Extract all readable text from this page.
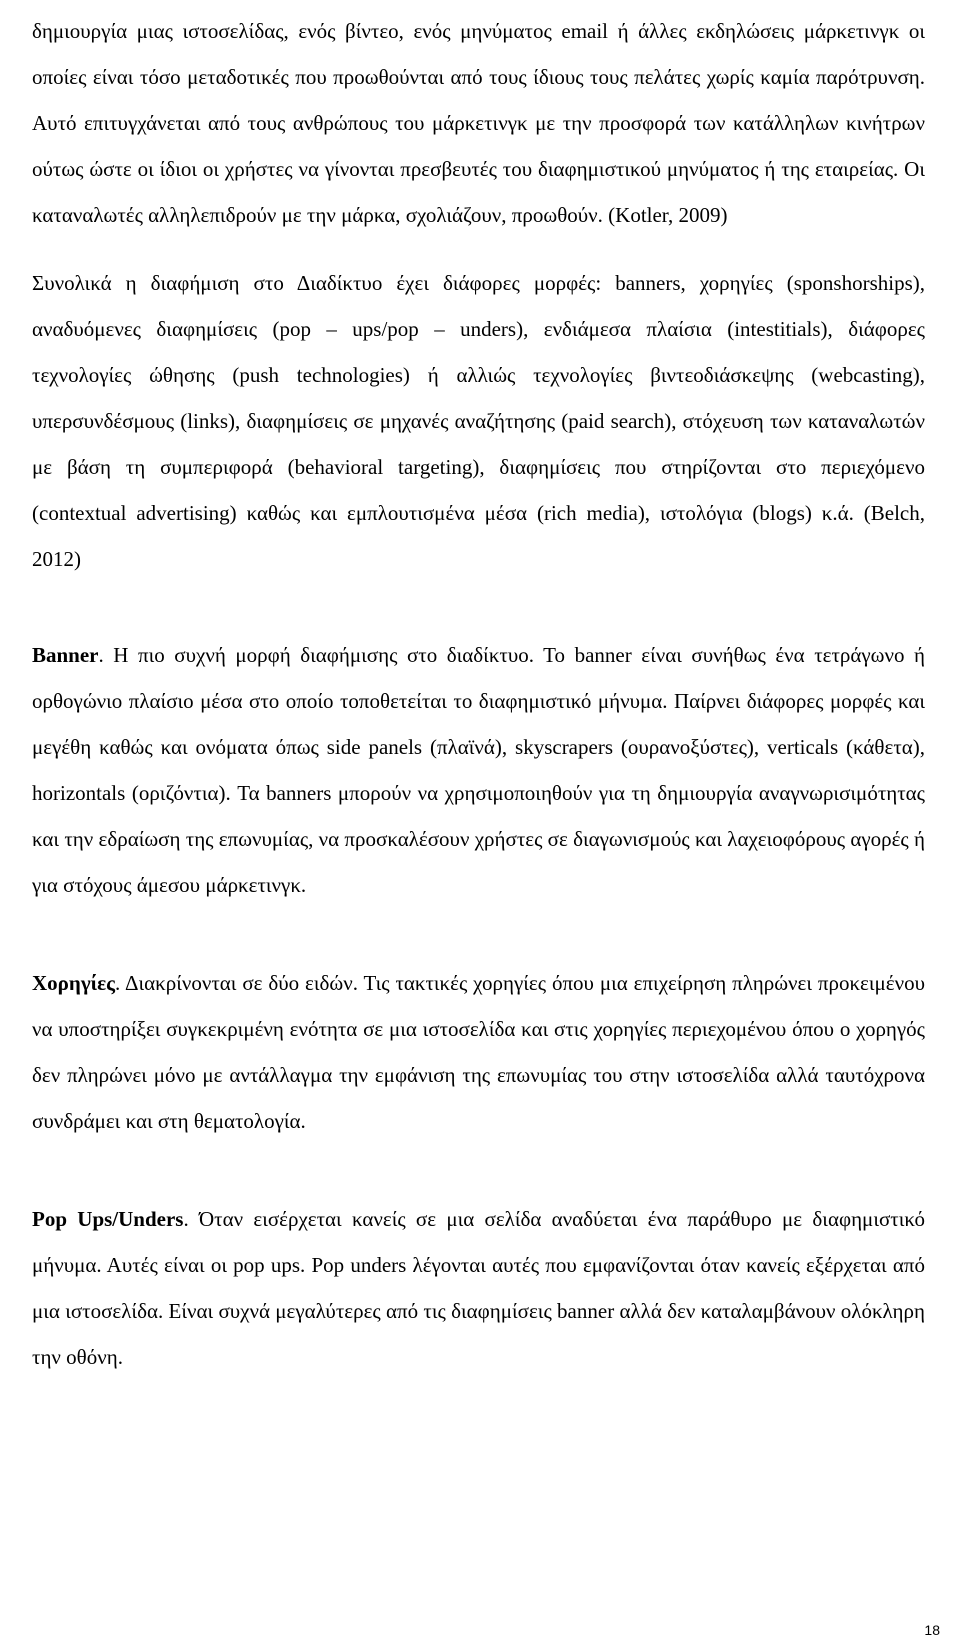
δημιουργία μιας ιστοσελίδας, ενός βίντεο, ενός μηνύματος email ή άλλες εκδηλώσεις μάρκετινγκ οι οποίες είναι τόσο μεταδοτικές που προωθούνται από τους ίδιους τους πελάτες χωρίς καμία παρότρυνση. Αυτό επιτυγχάνεται από τους ανθρώπους του μάρκετινγκ με την προσφορά των κατάλληλων κινήτρων ούτως ώστε οι ίδιοι οι χρήστες να γίνονται πρεσβευτές του διαφημιστικού μηνύματος ή της εταιρείας. Οι καταναλωτές αλληλεπιδρούν με την μάρκα, σχολιάζουν, προωθούν. (Kotler, 2009)

Συνολικά η διαφήμιση στο Διαδίκτυο έχει διάφορες μορφές: banners, χορηγίες (sponshorships), αναδυόμενες διαφημίσεις (pop – ups/pop – unders), ενδιάμεσα πλαίσια (intestitials), διάφορες τεχνολογίες ώθησης (push technologies) ή αλλιώς τεχνολογίες βιντεοδιάσκεψης (webcasting), υπερσυνδέσμους (links), διαφημίσεις σε μηχανές αναζήτησης (paid search), στόχευση των καταναλωτών με βάση τη συμπεριφορά (behavioral targeting), διαφημίσεις που στηρίζονται στο περιεχόμενο (contextual advertising) καθώς και εμπλουτισμένα μέσα (rich media), ιστολόγια (blogs) κ.ά. (Belch, 2012)

Banner. Η πιο συχνή μορφή διαφήμισης στο διαδίκτυο. Το banner είναι συνήθως ένα τετράγωνο ή ορθογώνιο πλαίσιο μέσα στο οποίο τοποθετείται το διαφημιστικό μήνυμα. Παίρνει διάφορες μορφές και μεγέθη καθώς και ονόματα όπως side panels (πλαϊνά), skyscrapers (ουρανοξύστες), verticals (κάθετα), horizontals (οριζόντια). Τα banners μπορούν να χρησιμοποιηθούν για τη δημιουργία αναγνωρισιμότητας και την εδραίωση της επωνυμίας, να προσκαλέσουν χρήστες σε διαγωνισμούς και λαχειοφόρους αγορές ή για στόχους άμεσου μάρκετινγκ.

Χορηγίες. Διακρίνονται σε δύο ειδών. Τις τακτικές χορηγίες όπου μια επιχείρηση πληρώνει προκειμένου να υποστηρίξει συγκεκριμένη ενότητα σε μια ιστοσελίδα και στις χορηγίες περιεχομένου όπου ο χορηγός δεν πληρώνει μόνο με αντάλλαγμα την εμφάνιση της επωνυμίας του στην ιστοσελίδα αλλά ταυτόχρονα συνδράμει και στη θεματολογία.

Pop Ups/Unders. Όταν εισέρχεται κανείς σε μια σελίδα αναδύεται ένα παράθυρο με διαφημιστικό μήνυμα. Αυτές είναι οι pop ups. Pop unders λέγονται αυτές που εμφανίζονται όταν κανείς εξέρχεται από μια ιστοσελίδα. Είναι συχνά μεγαλύτερες από τις διαφημίσεις banner αλλά δεν καταλαμβάνουν ολόκληρη την οθόνη.

18
